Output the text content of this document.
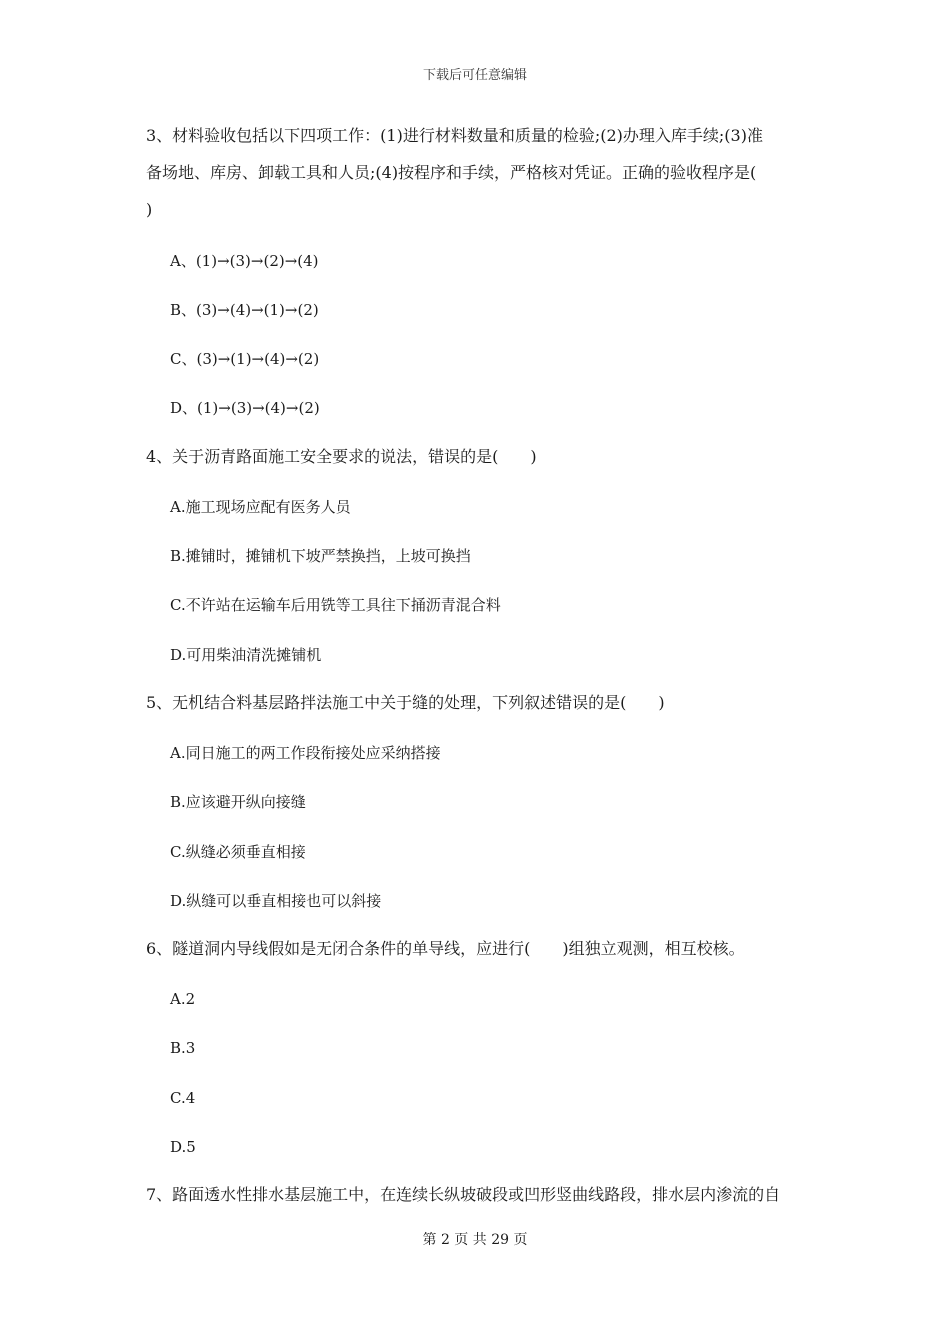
下载后可任意编辑
3、材料验收包括以下四项工作：(1)进行材料数量和质量的检验;(2)办理入库手续;(3)准
备场地、库房、卸载工具和人员;(4)按程序和手续，严格核对凭证。正确的验收程序是(
)
A、(1)→(3)→(2)→(4)
B、(3)→(4)→(1)→(2)
C、(3)→(1)→(4)→(2)
D、(1)→(3)→(4)→(2)
4、关于沥青路面施工安全要求的说法，错误的是(　　)
A.施工现场应配有医务人员
B.摊铺时，摊铺机下坡严禁换挡，上坡可换挡
C.不许站在运输车后用铣等工具往下捅沥青混合料
D.可用柴油清洗摊铺机
5、无机结合料基层路拌法施工中关于缝的处理，下列叙述错误的是(　　)
A.同日施工的两工作段衔接处应采纳搭接
B.应该避开纵向接缝
C.纵缝必须垂直相接
D.纵缝可以垂直相接也可以斜接
6、隧道洞内导线假如是无闭合条件的单导线，应进行(　　)组独立观测，相互校核。
A.2
B.3
C.4
D.5
7、路面透水性排水基层施工中，在连续长纵坡破段或凹形竖曲线路段，排水层内渗流的自
第 2 页 共 29 页
